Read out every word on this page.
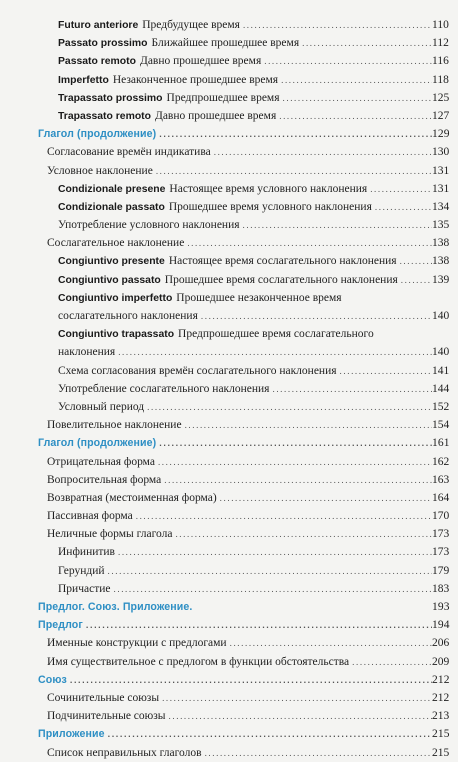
Futuro anteriore Предбудущее время .....	110
Passato prossimo Ближайшее прошедшее время .....	112
Passato remoto Давно прошедшее время .....	116
Imperfetto Незаконченное прошедшее время .....	118
Trapassato prossimo Предпрошедшее время .....	125
Trapassato remoto Давно прошедшее время .....	127
Глагол (продолжение) .....	129
Согласование времён индикатива .....	130
Условное наклонение .....	131
Condizionale presene Настоящее время условного наклонения .....	131
Condizionale passato Прошедшее время условного наклонения .....	134
Употребление условного наклонения .....	135
Сослагательное наклонение .....	138
Congiuntivo presente Настоящее время сослагательного наклонения .....	138
Congiuntivo passato Прошедшее время сослагательного наклонения .....	139
Congiuntivo imperfetto Прошедшее незаконченное время
сослагательного наклонения .....	140
Congiuntivo trapassato Предпрошедшее время сослагательного
наклонения .....	140
Схема согласования времён сослагательного наклонения .....	141
Употребление сослагательного наклонения .....	144
Условный период .....	152
Повелительное наклонение .....	154
Глагол (продолжение) .....	161
Отрицательная форма .....	162
Вопросительная форма .....	163
Возвратная (местоименная форма) .....	164
Пассивная форма .....	170
Неличные формы глагола .....	173
Инфинитив .....	173
Герундий .....	179
Причастие .....	183
Предлог. Союз. Приложение.	193
Предлог .....	194
Именные конструкции с предлогами .....	206
Имя существительное с предлогом в функции обстоятельства .....	209
Союз .....	212
Сочинительные союзы .....	212
Подчинительные союзы .....	213
Приложение .....	215
Список неправильных глаголов .....	215
